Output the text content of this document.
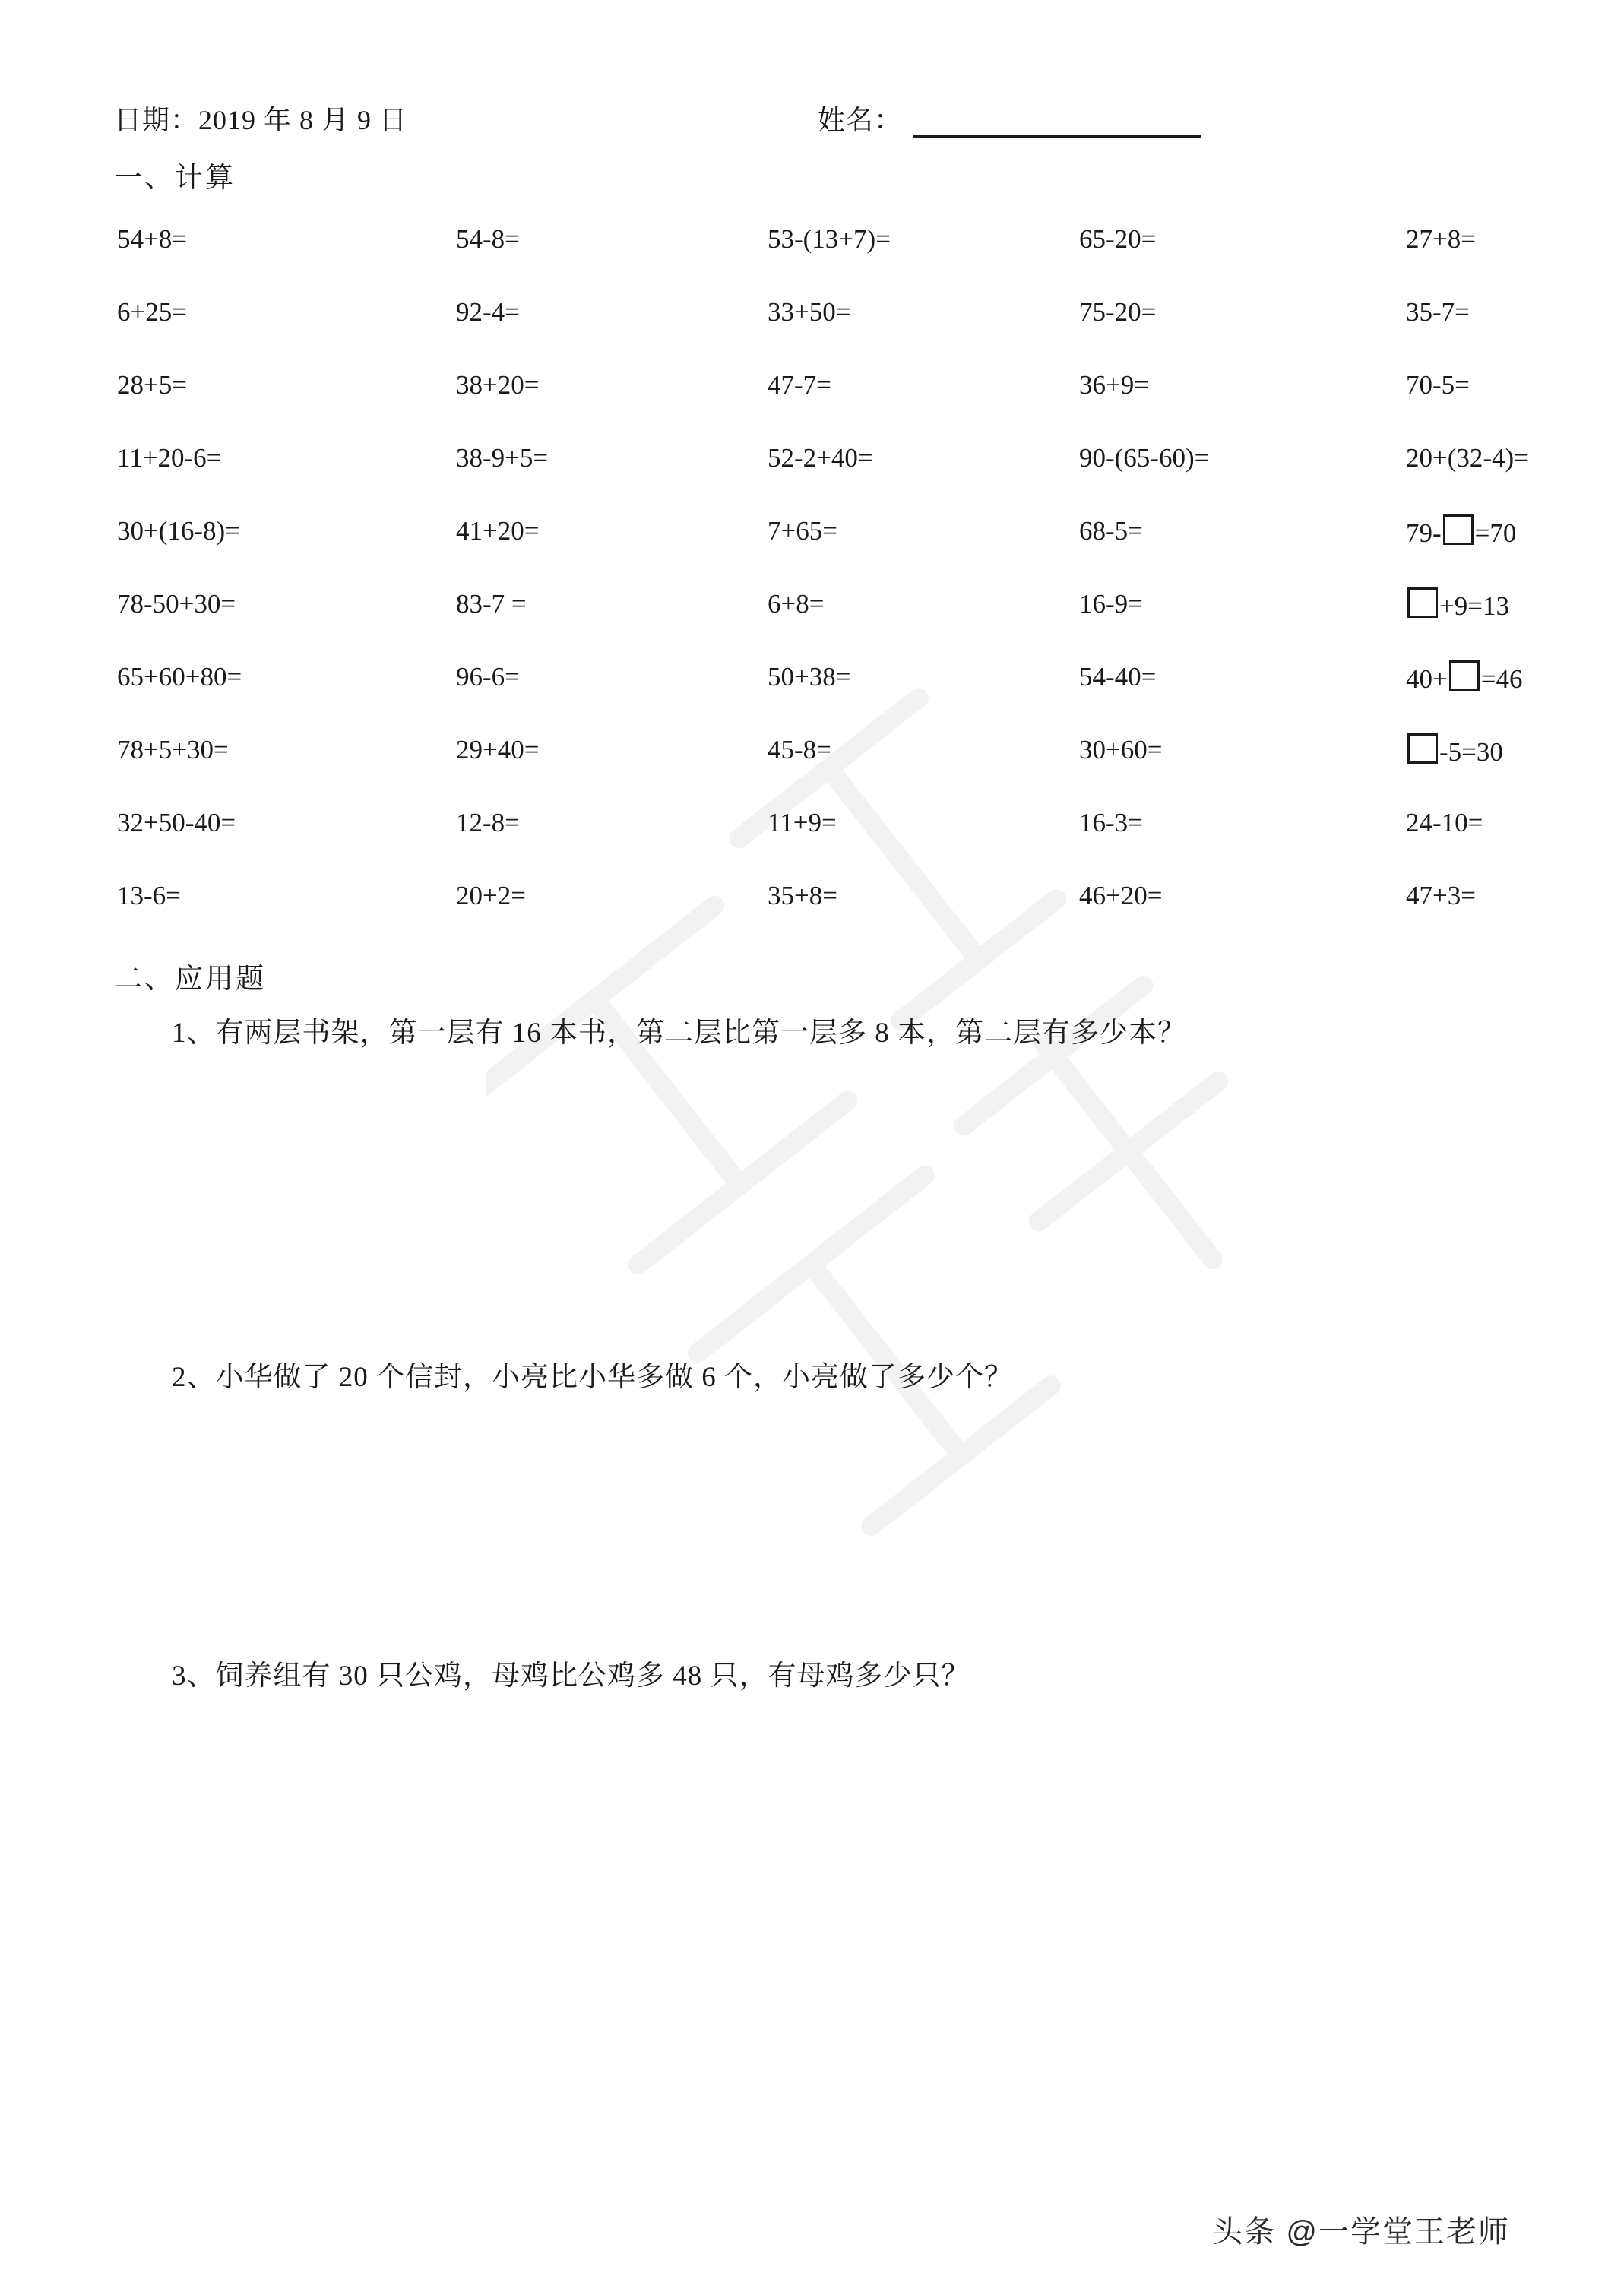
日期：2019 年 8 月 9 日	姓名：
一、计算
54+8=	54-8=	53-(13+7)=	65-20=	27+8=
6+25=	92-4=	33+50=	75-20=	35-7=
28+5=	38+20=	47-7=	36+9=	70-5=
11+20-6=	38-9+5=	52-2+40=	90-(65-60)=	20+(32-4)=
30+(16-8)=	41+20=	7+65=	68-5=	79- =70
78-50+30=	83-7 =	6+8=	16-9=	+9=13
65+60+80=	96-6=	50+38=	54-40=	40+ =46
78+5+30=	29+40=	45-8=	30+60=	-5=30
32+50-40=	12-8=	11+9=	16-3=	24-10=
13-6=	20+2=	35+8=	46+20=	47+3=
二、应用题
1、有两层书架，第一层有 16 本书，第二层比第一层多 8 本，第二层有多少本？
2、小华做了 20 个信封，小亮比小华多做 6 个，小亮做了多少个？
3、饲养组有 30 只公鸡，母鸡比公鸡多 48 只，有母鸡多少只？
头条 @一学堂王老师
